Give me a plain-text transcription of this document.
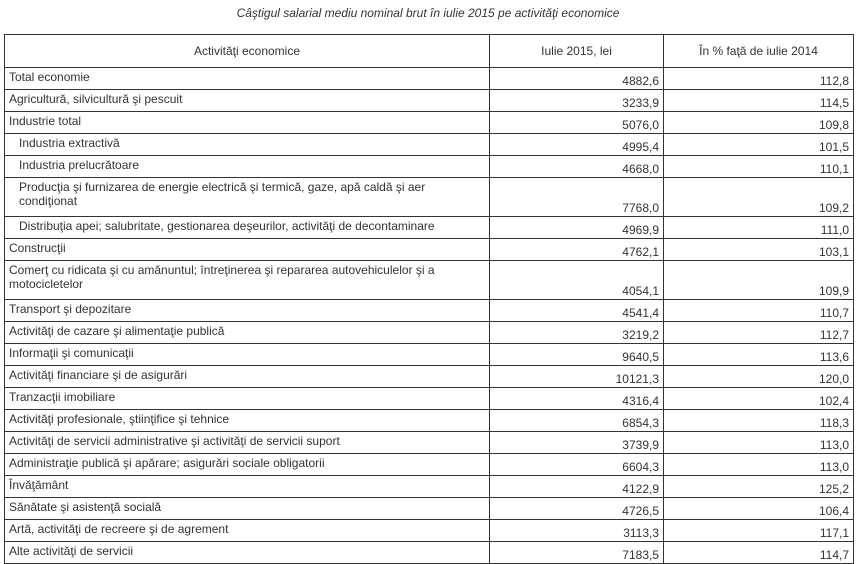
Câştigul salarial mediu nominal brut în iulie 2015 pe activităţi economice
Activităţi economice	Iulie 2015, lei	În % faţă de iulie 2014
Total economie	4882,6	112,8
Agricultură, silvicultură şi pescuit	3233,9	114,5
Industrie total	5076,0	109,8
Industria extractivă	4995,4	101,5
Industria prelucrătoare	4668,0	110,1
Producţia şi furnizarea de energie electrică şi termică, gaze, apă caldă şi aer condiţionat	7768,0	109,2
Distribuţia apei; salubritate, gestionarea deşeurilor, activităţi de decontaminare	4969,9	111,0
Construcţii	4762,1	103,1
Comerţ cu ridicata şi cu amănuntul; întreţinerea şi repararea autovehiculelor şi a motocicletelor	4054,1	109,9
Transport şi depozitare	4541,4	110,7
Activităţi de cazare şi alimentaţie publică	3219,2	112,7
Informaţii şi comunicaţii	9640,5	113,6
Activităţi financiare şi de asigurări	10121,3	120,0
Tranzacţii imobiliare	4316,4	102,4
Activităţi profesionale, ştiinţifice şi tehnice	6854,3	118,3
Activităţi de servicii administrative şi activităţi de servicii suport	3739,9	113,0
Administraţie publică şi apărare; asigurări sociale obligatorii	6604,3	113,0
Învăţământ	4122,9	125,2
Sănătate şi asistenţă socială	4726,5	106,4
Artă, activităţi de recreere şi de agrement	3113,3	117,1
Alte activităţi de servicii	7183,5	114,7
